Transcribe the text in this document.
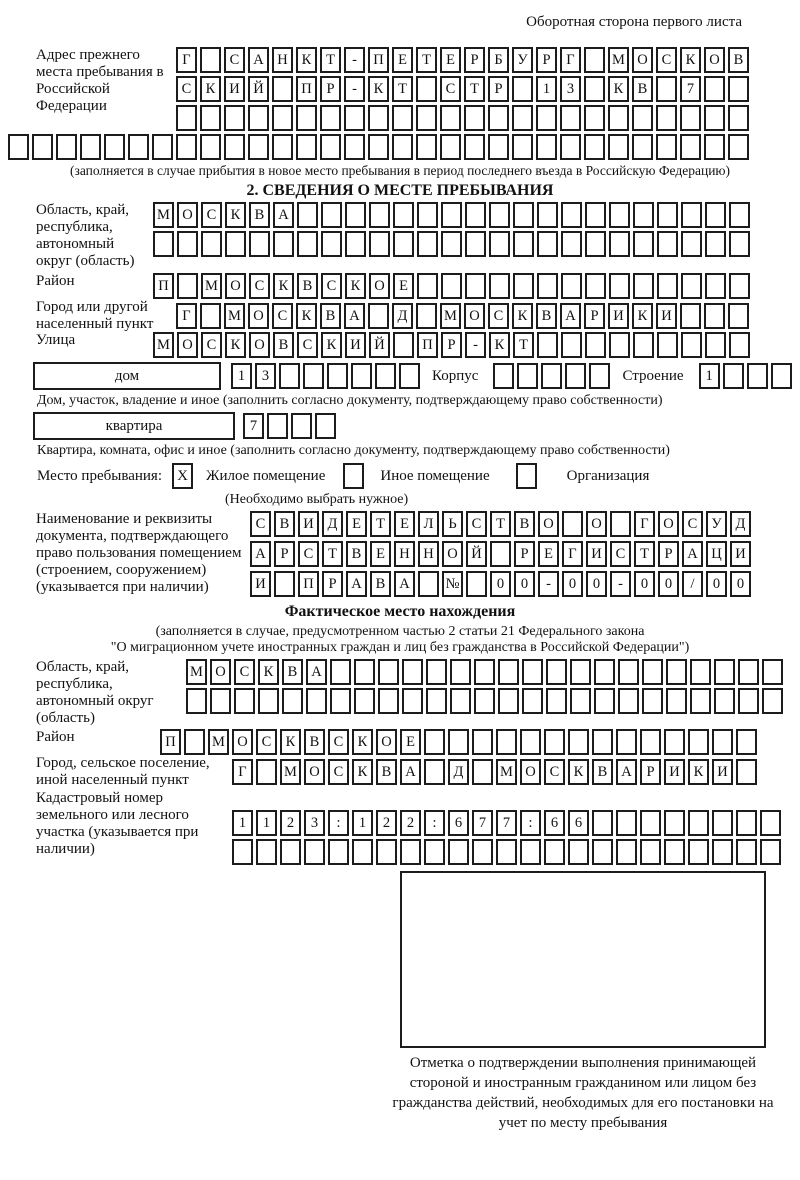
Оборотная сторона первого листа
Адрес прежнего места пребывания в Российской Федерации
Г	С А Н К	Т	-	П Е	Т	Е	Р	Б	У	Р	Г	М О С К О В
С К И Й	П	Р	-	К	Т	С	Т	Р	1	3	К В	7
(заполняется в случае прибытия в новое место пребывания в период последнего въезда в Российскую Федерацию)
2. СВЕДЕНИЯ О МЕСТЕ ПРЕБЫВАНИЯ
Область, край, республика, автономный округ (область)
М О С К В А
Район	П	М О С К В С К О Е
Город или другой населенный пункт
Г	М О С К В А	Д	М О С К В А	Р	И К И
Улица	М О С К О В С К И Й	П	Р	-	К	Т
дом	1	3	Корпус	Строение	1
Дом, участок, владение и иное (заполнить согласно документу, подтверждающему право собственности)
квартира	7
Квартира, комната, офис и иное (заполнить согласно документу, подтверждающему право собственности)
Место пребывания:	X	Жилое помещение	Иное помещение	Организация
(Необходимо выбрать нужное)
Наименование и реквизиты документа, подтверждающего право пользования помещением (строением, сооружением) (указывается при наличии)
С В И Д	Е	Т	Е	Л	Ь	С	Т	В О	О	Г	О С У Д
А	Р	С	Т	В	Е Н Н О Й	Р	Е	Г	И С	Т	Р	А Ц И
И	П	Р	А В А	№	0	0	-	0	0	-	0	0	/	0	0
Фактическое место нахождения
(заполняется в случае, предусмотренном частью 2 статьи 21 Федерального закона
"О миграционном учете иностранных граждан и лиц без гражданства в Российской Федерации")
Область, край, республика, автономный округ (область)
М О С К В А
Район	П	М О С К В С К О Е
Город, сельское поселение, иной населенный пункт
Г	М О С К В А	Д	М О С К В А	Р	И К И
Кадастровый номер земельного или лесного участка (указывается при наличии)
1	1	2	3	:	1	2	2	:	6	7	7	:	6	6
Отметка о подтверждении выполнения принимающей стороной и иностранным гражданином или лицом без гражданства действий, необходимых для его постановки на учет по месту пребывания
